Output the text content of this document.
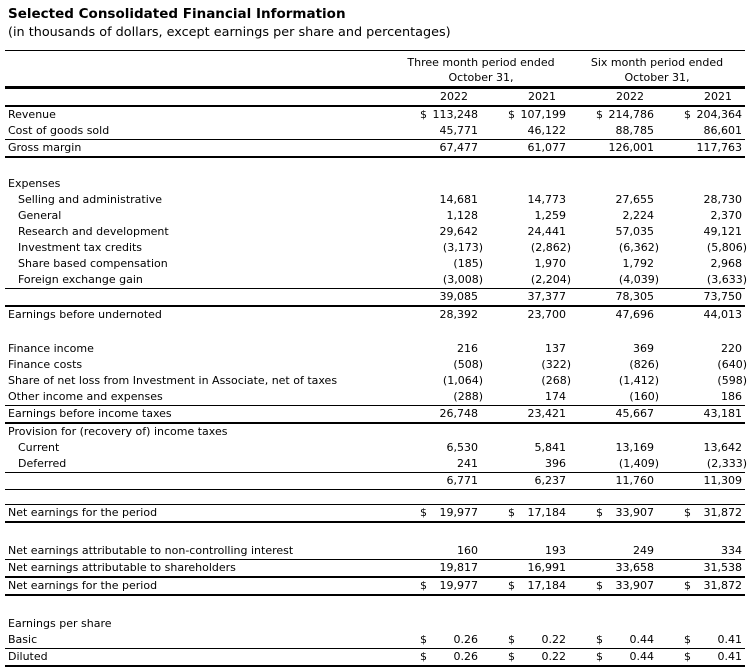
Selected Consolidated Financial Information
(in thousands of dollars, except earnings per share and percentages)
Three month period ended	Six month period ended
October 31,	October 31,
2022	2021	2022	2021
Revenue	$ 113,248	$ 107,199	$ 214,786	$ 204,364
Cost of goods sold	45,771	46,122	88,785	86,601
Gross margin	67,477	61,077	126,001	117,763
Expenses
Selling and administrative	14,681	14,773	27,655	28,730
General	1,128	1,259	2,224	2,370
Research and development	29,642	24,441	57,035	49,121
Investment tax credits	(3,173)	(2,862)	(6,362)	(5,806)
Share based compensation	(185)	1,970	1,792	2,968
Foreign exchange gain	(3,008)	(2,204)	(4,039)	(3,633)
39,085	37,377	78,305	73,750
Earnings before undernoted	28,392	23,700	47,696	44,013
Finance income	216	137	369	220
Finance costs	(508)	(322)	(826)	(640)
Share of net loss from Investment in Associate, net of taxes	(1,064)	(268)	(1,412)	(598)
Other income and expenses	(288)	174	(160)	186
Earnings before income taxes	26,748	23,421	45,667	43,181
Provision for (recovery of) income taxes
Current	6,530	5,841	13,169	13,642
Deferred	241	396	(1,409)	(2,333)
6,771	6,237	11,760	11,309
Net earnings for the period	$ 19,977	$ 17,184	$ 33,907	$ 31,872
Net earnings attributable to non-controlling interest	160	193	249	334
Net earnings attributable to shareholders	19,817	16,991	33,658	31,538
Net earnings for the period	$ 19,977	$ 17,184	$ 33,907	$ 31,872
Earnings per share
Basic	$ 0.26	$ 0.22	$ 0.44	$ 0.41
Diluted	$ 0.26	$ 0.22	$ 0.44	$ 0.41
